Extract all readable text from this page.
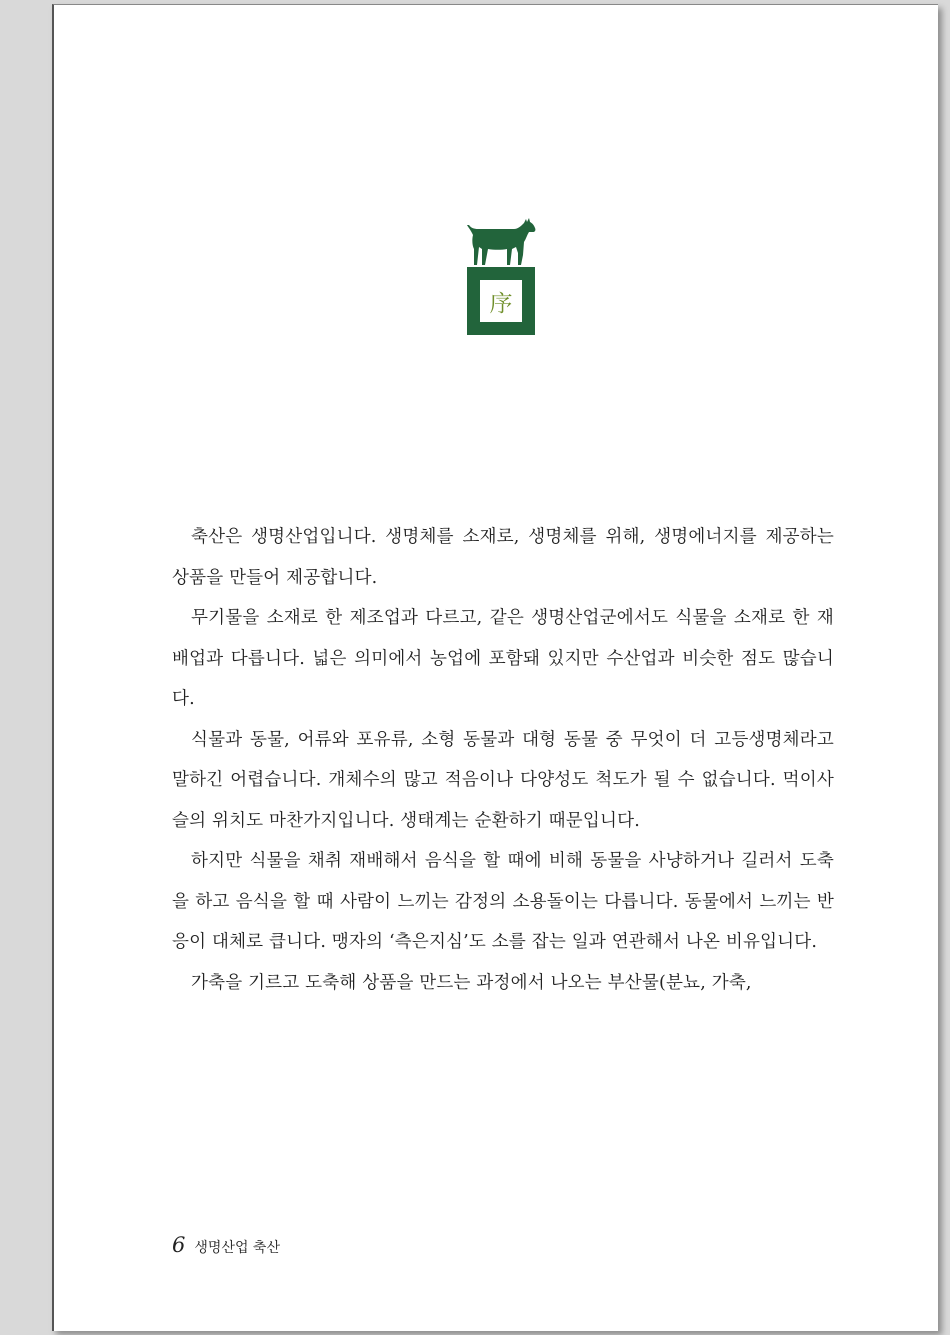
序

축산은 생명산업입니다. 생명체를 소재로, 생명체를 위해, 생명에너지를 제공하는 상품을 만들어 제공합니다.

무기물을 소재로 한 제조업과 다르고, 같은 생명산업군에서도 식물을 소재로 한 재배업과 다릅니다. 넓은 의미에서 농업에 포함돼 있지만 수산업과 비슷한 점도 많습니다.

식물과 동물, 어류와 포유류, 소형 동물과 대형 동물 중 무엇이 더 고등생명체라고 말하긴 어렵습니다. 개체수의 많고 적음이나 다양성도 척도가 될 수 없습니다. 먹이사슬의 위치도 마찬가지입니다. 생태계는 순환하기 때문입니다.

하지만 식물을 채취 재배해서 음식을 할 때에 비해 동물을 사냥하거나 길러서 도축을 하고 음식을 할 때 사람이 느끼는 감정의 소용돌이는 다릅니다. 동물에서 느끼는 반응이 대체로 큽니다. 맹자의 ‘측은지심’도 소를 잡는 일과 연관해서 나온 비유입니다.

가축을 기르고 도축해 상품을 만드는 과정에서 나오는 부산물(분뇨, 가축,

6 생명산업 축산
